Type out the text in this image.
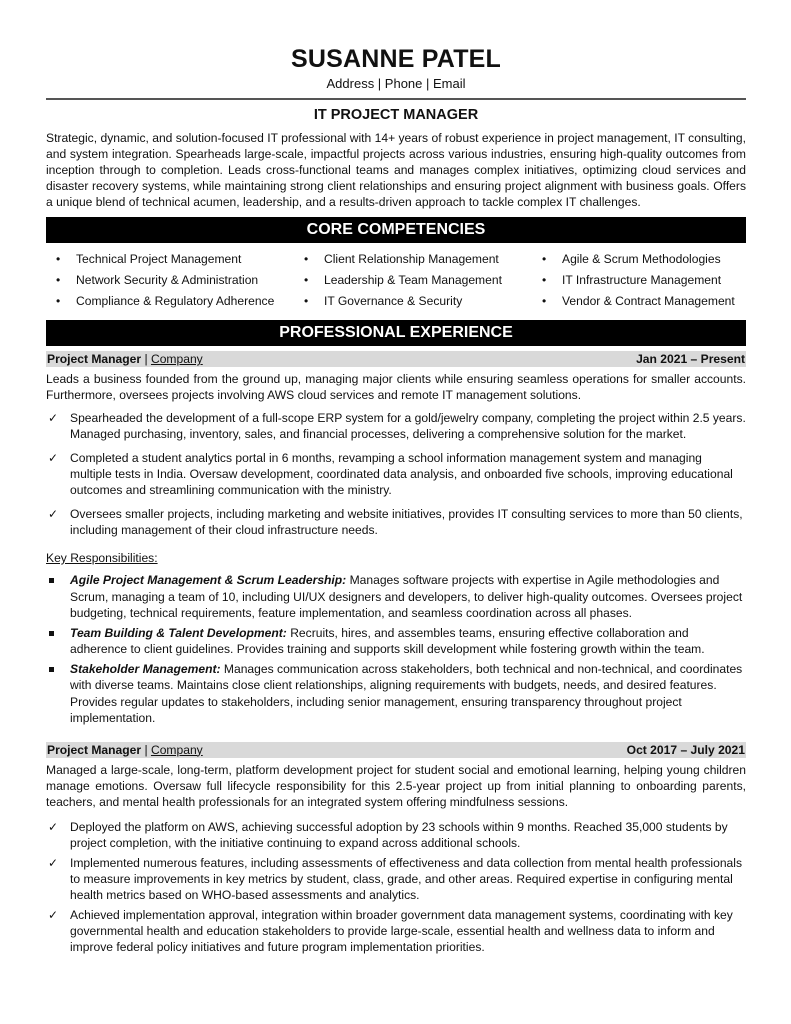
SUSANNE PATEL
Address | Phone | Email
IT PROJECT MANAGER

Strategic, dynamic, and solution-focused IT professional with 14+ years of robust experience in project management, IT consulting, and system integration. Spearheads large-scale, impactful projects across various industries, ensuring high-quality outcomes from inception through to completion. Leads cross-functional teams and manages complex initiatives, optimizing cloud services and disaster recovery systems, while maintaining strong client relationships and ensuring project alignment with business goals. Offers a unique blend of technical acumen, leadership, and a results-driven approach to tackle complex IT challenges.

CORE COMPETENCIES
• Technical Project Management
• Network Security & Administration
• Compliance & Regulatory Adherence
• Client Relationship Management
• Leadership & Team Management
• IT Governance & Security
• Agile & Scrum Methodologies
• IT Infrastructure Management
• Vendor & Contract Management
PROFESSIONAL EXPERIENCE
Project Manager | Company	Jan 2021 – Present

Leads a business founded from the ground up, managing major clients while ensuring seamless operations for smaller accounts. Furthermore, oversees projects involving AWS cloud services and remote IT management solutions.

✓ Spearheaded the development of a full-scope ERP system for a gold/jewelry company, completing the project within 2.5 years. Managed purchasing, inventory, sales, and financial processes, delivering a comprehensive solution for the market.
✓ Completed a student analytics portal in 6 months, revamping a school information management system and managing multiple tests in India. Oversaw development, coordinated data analysis, and onboarded five schools, improving educational outcomes and streamlining communication with the ministry.
✓ Oversees smaller projects, including marketing and website initiatives, provides IT consulting services to more than 50 clients, including management of their cloud infrastructure needs.
Key Responsibilities:
Agile Project Management & Scrum Leadership: Manages software projects with expertise in Agile methodologies and Scrum, managing a team of 10, including UI/UX designers and developers, to deliver high-quality outcomes. Oversees project budgeting, technical requirements, feature implementation, and seamless coordination across all phases.
Team Building & Talent Development: Recruits, hires, and assembles teams, ensuring effective collaboration and adherence to client guidelines. Provides training and supports skill development while fostering growth within the team.
Stakeholder Management: Manages communication across stakeholders, both technical and non-technical, and coordinates with diverse teams. Maintains close client relationships, aligning requirements with budgets, needs, and desired features. Provides regular updates to stakeholders, including senior management, ensuring transparency throughout project implementation.
Project Manager | Company	Oct 2017 – July 2021

Managed a large-scale, long-term, platform development project for student social and emotional learning, helping young children manage emotions. Oversaw full lifecycle responsibility for this 2.5-year project up from initial planning to onboarding parents, teachers, and mental health professionals for an integrated system offering mindfulness sessions.

✓ Deployed the platform on AWS, achieving successful adoption by 23 schools within 9 months. Reached 35,000 students by project completion, with the initiative continuing to expand across additional schools.
✓ Implemented numerous features, including assessments of effectiveness and data collection from mental health professionals to measure improvements in key metrics by student, class, grade, and other areas. Required expertise in configuring mental health metrics based on WHO-based assessments and analytics.
✓ Achieved implementation approval, integration within broader government data management systems, coordinating with key governmental health and education stakeholders to provide large-scale, essential health and wellness data to inform and improve federal policy initiatives and future program implementation priorities.
